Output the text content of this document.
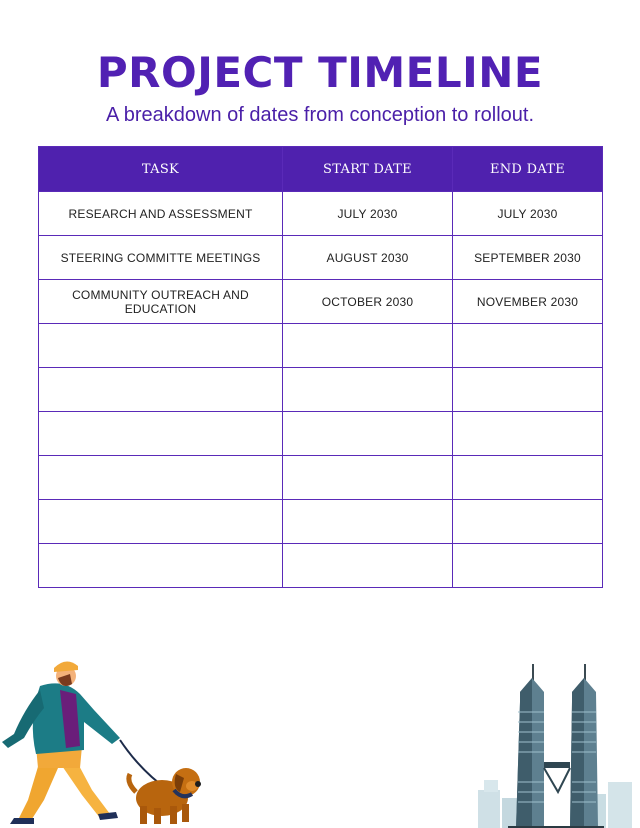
PROJECT TIMELINE

A breakdown of dates from conception to rollout.

TASK	START DATE	END DATE
RESEARCH AND ASSESSMENT	JULY 2030	JULY 2030
STEERING COMMITTE MEETINGS	AUGUST 2030	SEPTEMBER 2030
COMMUNITY OUTREACH AND EDUCATION	OCTOBER 2030	NOVEMBER 2030
